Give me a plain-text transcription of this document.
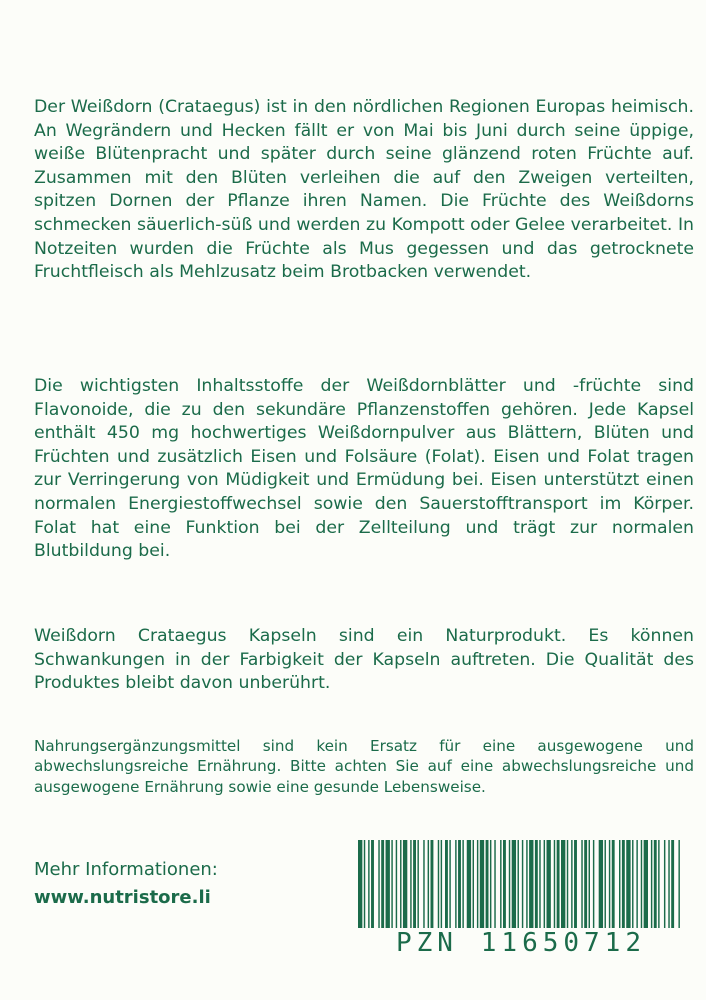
Der Weißdorn (Crataegus) ist in den nördlichen Regionen Europas heimisch. An Wegrändern und Hecken fällt er von Mai bis Juni durch seine üppige, weiße Blütenpracht und später durch seine glänzend roten Früchte auf. Zusammen mit den Blüten verleihen die auf den Zweigen verteilten, spitzen Dornen der Pflanze ihren Namen. Die Früchte des Weißdorns schmecken säuerlich-süß und werden zu Kompott oder Gelee verarbeitet. In Notzeiten wurden die Früchte als Mus gegessen und das getrocknete Fruchtfleisch als Mehlzusatz beim Brotbacken verwendet.

Die wichtigsten Inhaltsstoffe der Weißdornblätter und -früchte sind Flavonoide, die zu den sekundäre Pflanzenstoffen gehören. Jede Kapsel enthält 450 mg hochwertiges Weißdornpulver aus Blättern, Blüten und Früchten und zusätzlich Eisen und Folsäure (Folat). Eisen und Folat tragen zur Verringerung von Müdigkeit und Ermüdung bei. Eisen unterstützt einen normalen Energiestoffwechsel sowie den Sauerstofftransport im Körper. Folat hat eine Funktion bei der Zellteilung und trägt zur normalen Blutbildung bei.

Weißdorn Crataegus Kapseln sind ein Naturprodukt. Es können Schwankungen in der Farbigkeit der Kapseln auftreten. Die Qualität des Produktes bleibt davon unberührt.

Nahrungsergänzungsmittel sind kein Ersatz für eine ausgewogene und abwechslungsreiche Ernährung. Bitte achten Sie auf eine abwechslungsreiche und ausgewogene Ernährung sowie eine gesunde Lebensweise.

Mehr Informationen:
www.nutristore.li
PZN 11650712
